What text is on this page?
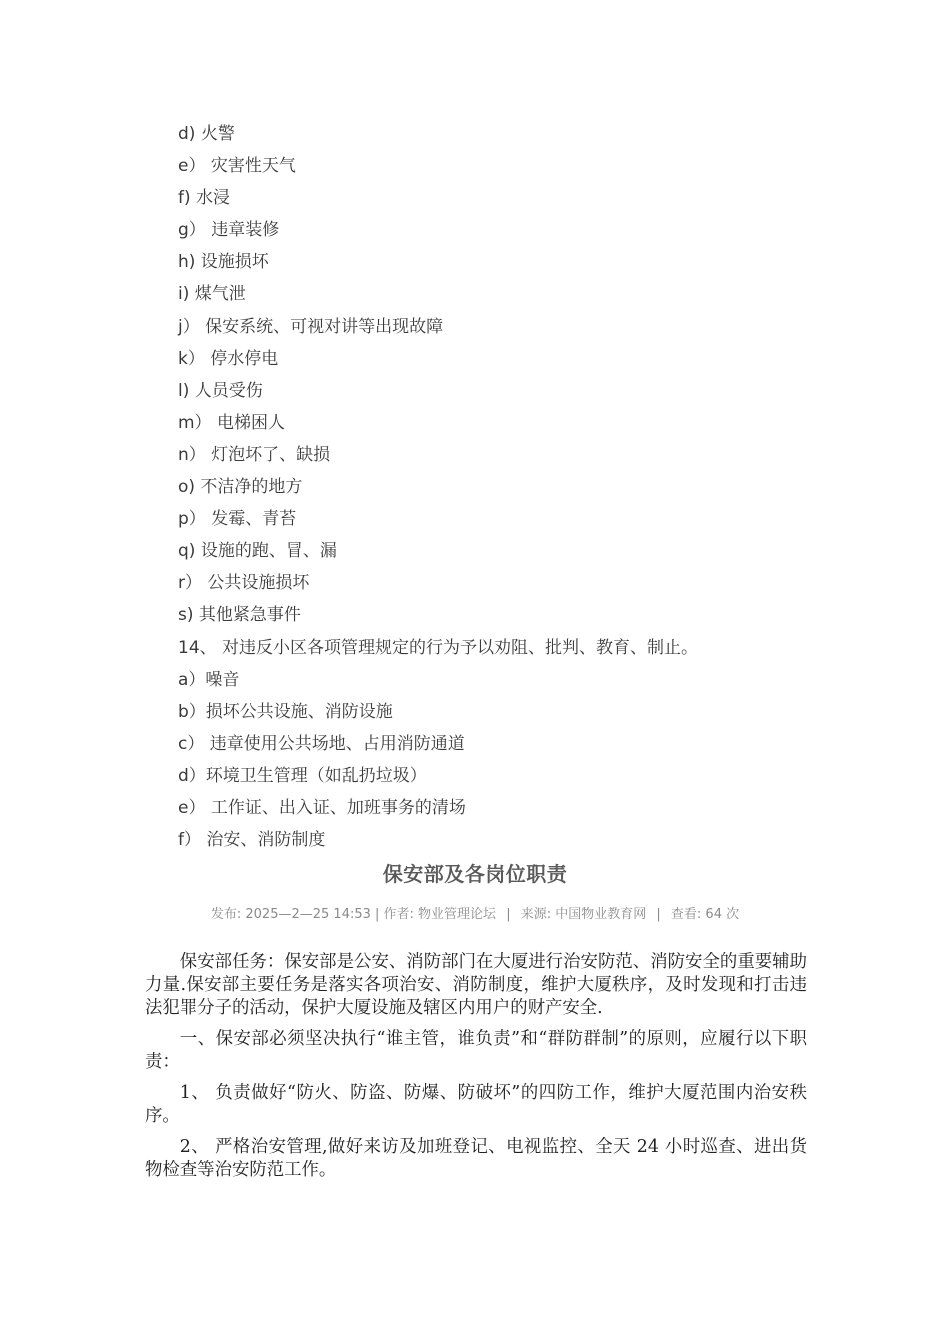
d) 火警
e） 灾害性天气
f) 水浸
g） 违章装修
h) 设施损坏
i) 煤气泄
j） 保安系统、可视对讲等出现故障
k） 停水停电
l) 人员受伤
m） 电梯困人
n） 灯泡坏了、缺损
o) 不洁净的地方
p） 发霉、青苔
q) 设施的跑、冒、漏
r） 公共设施损坏
s) 其他紧急事件
14、 对违反小区各项管理规定的行为予以劝阻、批判、教育、制止。
a）噪音
b）损坏公共设施、消防设施
c） 违章使用公共场地、占用消防通道
d）环境卫生管理（如乱扔垃圾）
e） 工作证、出入证、加班事务的清场
f） 治安、消防制度
保安部及各岗位职责
发布: 2025—2—25 14:53 | 作者: 物业管理论坛 | 来源: 中国物业教育网 | 查看: 64 次

保安部任务：保安部是公安、消防部门在大厦进行治安防范、消防安全的重要辅助力量.保安部主要任务是落实各项治安、消防制度，维护大厦秩序，及时发现和打击违法犯罪分子的活动，保护大厦设施及辖区内用户的财产安全.

一、保安部必须坚决执行“谁主管，谁负责”和“群防群制”的原则，应履行以下职责：

1、 负责做好“防火、防盗、防爆、防破坏”的四防工作，维护大厦范围内治安秩序。

2、 严格治安管理,做好来访及加班登记、电视监控、全天 24 小时巡查、进出货物检查等治安防范工作。
